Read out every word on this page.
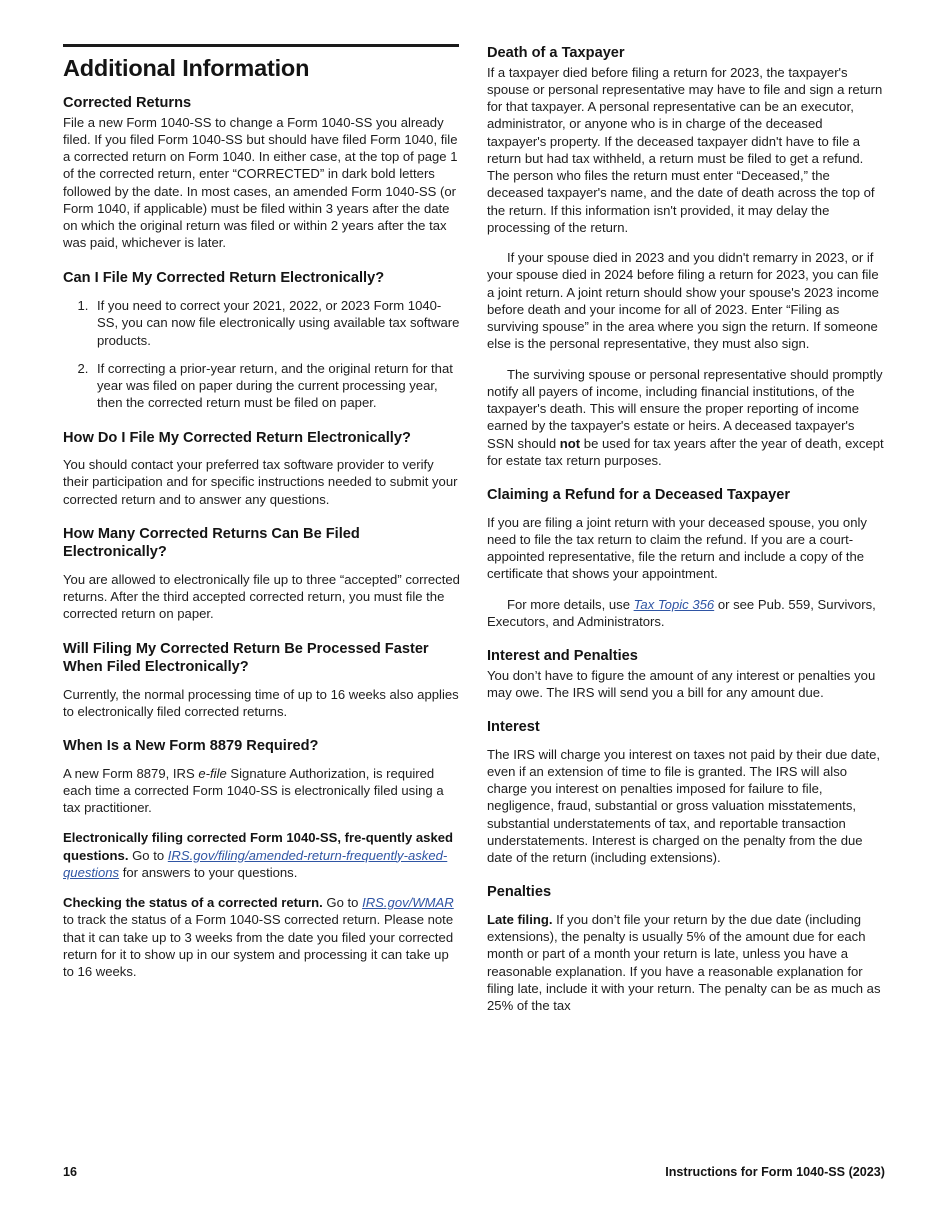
Additional Information
Corrected Returns

File a new Form 1040-SS to change a Form 1040-SS you already filed. If you filed Form 1040-SS but should have filed Form 1040, file a corrected return on Form 1040. In either case, at the top of page 1 of the corrected return, enter “CORRECTED” in dark bold letters followed by the date. In most cases, an amended Form 1040-SS (or Form 1040, if applicable) must be filed within 3 years after the date on which the original return was filed or within 2 years after the tax was paid, whichever is later.

Can I File My Corrected Return Electronically?
1. If you need to correct your 2021, 2022, or 2023 Form 1040-SS, you can now file electronically using available tax software products.
2. If correcting a prior-year return, and the original return for that year was filed on paper during the current processing year, then the corrected return must be filed on paper.
How Do I File My Corrected Return Electronically?

You should contact your preferred tax software provider to verify their participation and for specific instructions needed to submit your corrected return and to answer any questions.

How Many Corrected Returns Can Be Filed Electronically?

You are allowed to electronically file up to three “accepted” corrected returns. After the third accepted corrected return, you must file the corrected return on paper.

Will Filing My Corrected Return Be Processed Faster When Filed Electronically?

Currently, the normal processing time of up to 16 weeks also applies to electronically filed corrected returns.

When Is a New Form 8879 Required?

A new Form 8879, IRS e-file Signature Authorization, is required each time a corrected Form 1040-SS is electronically filed using a tax practitioner.

Electronically filing corrected Form 1040-SS, fre‐quently asked questions. Go to IRS.gov/filing/amended-return-frequently-asked-questions for answers to your questions.

Checking the status of a corrected return. Go to IRS.gov/WMAR to track the status of a Form 1040-SS corrected return. Please note that it can take up to 3 weeks from the date you filed your corrected return for it to show up in our system and processing it can take up to 16 weeks.

Death of a Taxpayer

If a taxpayer died before filing a return for 2023, the taxpayer's spouse or personal representative may have to file and sign a return for that taxpayer. A personal representative can be an executor, administrator, or anyone who is in charge of the deceased taxpayer's property. If the deceased taxpayer didn't have to file a return but had tax withheld, a return must be filed to get a refund. The person who files the return must enter “Deceased,” the deceased taxpayer's name, and the date of death across the top of the return. If this information isn't provided, it may delay the processing of the return.

If your spouse died in 2023 and you didn't remarry in 2023, or if your spouse died in 2024 before filing a return for 2023, you can file a joint return. A joint return should show your spouse's 2023 income before death and your income for all of 2023. Enter “Filing as surviving spouse” in the area where you sign the return. If someone else is the personal representative, they must also sign.

The surviving spouse or personal representative should promptly notify all payers of income, including financial institutions, of the taxpayer's death. This will ensure the proper reporting of income earned by the taxpayer's estate or heirs. A deceased taxpayer's SSN should not be used for tax years after the year of death, except for estate tax return purposes.

Claiming a Refund for a Deceased Taxpayer

If you are filing a joint return with your deceased spouse, you only need to file the tax return to claim the refund. If you are a court-appointed representative, file the return and include a copy of the certificate that shows your appointment.

For more details, use Tax Topic 356 or see Pub. 559, Survivors, Executors, and Administrators.

Interest and Penalties

You don’t have to figure the amount of any interest or penalties you may owe. The IRS will send you a bill for any amount due.

Interest

The IRS will charge you interest on taxes not paid by their due date, even if an extension of time to file is granted. The IRS will also charge you interest on penalties imposed for failure to file, negligence, fraud, substantial or gross valuation misstatements, substantial understatements of tax, and reportable transaction understatements. Interest is charged on the penalty from the due date of the return (including extensions).

Penalties

Late filing. If you don’t file your return by the due date (including extensions), the penalty is usually 5% of the amount due for each month or part of a month your return is late, unless you have a reasonable explanation. If you have a reasonable explanation for filing late, include it with your return. The penalty can be as much as 25% of the tax

16	Instructions for Form 1040-SS (2023)
